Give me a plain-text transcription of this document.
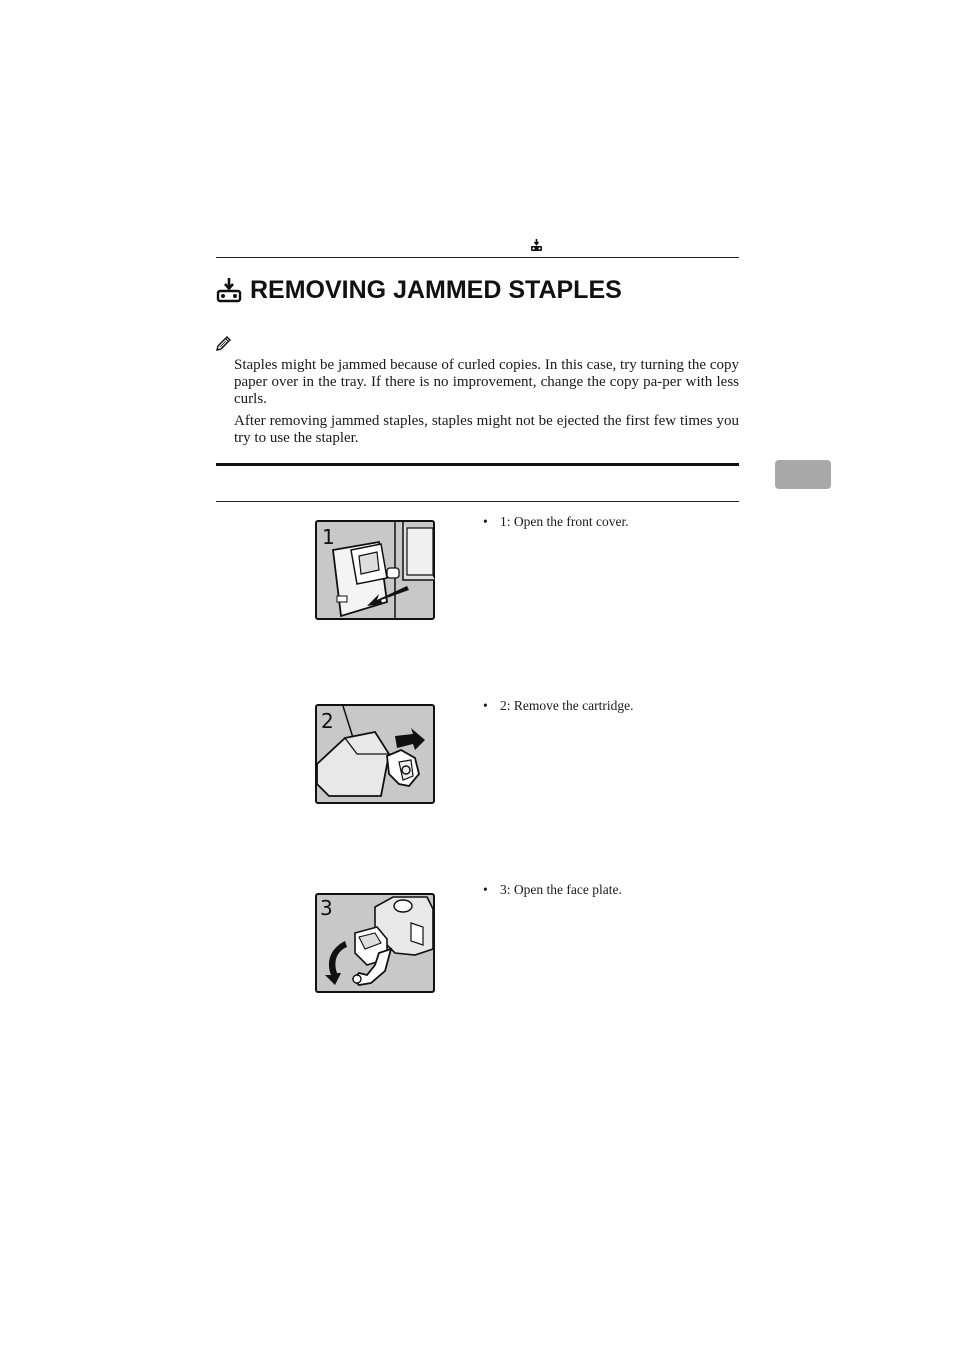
REMOVING JAMMED STAPLES

Staples might be jammed because of curled copies. In this case, try turning the copy paper over in the tray. If there is no improvement, change the copy pa-per with less curls.

After removing jammed staples, staples might not be ejected the first few times you try to use the stapler.

1
2
3
• 1: Open the front cover.
• 2: Remove the cartridge.
• 3: Open the face plate.
